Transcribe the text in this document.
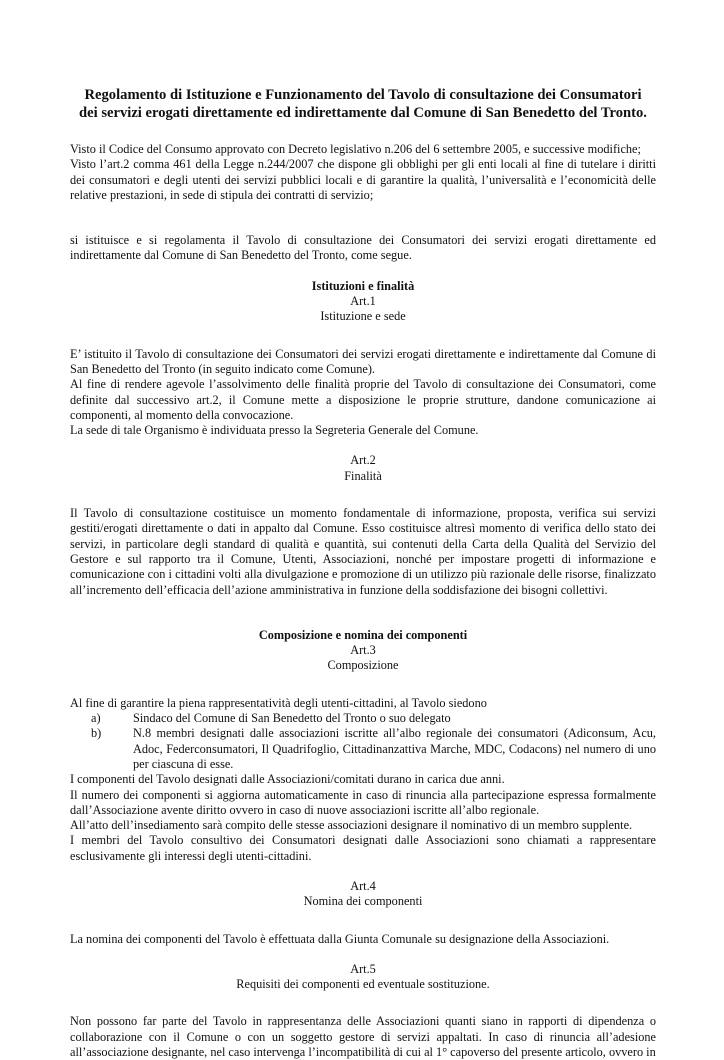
Regolamento di Istituzione e Funzionamento del Tavolo di consultazione dei Consumatori
dei servizi erogati direttamente ed indirettamente dal Comune di San Benedetto del Tronto.

Visto il Codice del Consumo approvato con Decreto legislativo n.206 del 6 settembre 2005, e successive modifiche;

Visto l’art.2 comma 461 della Legge n.244/2007 che dispone gli obblighi per gli enti locali al fine di tutelare i diritti dei consumatori e degli utenti dei servizi pubblici locali e di garantire la qualità, l’universalità e l’economicità delle relative prestazioni, in sede di stipula dei contratti di servizio;

si istituisce e si regolamenta il Tavolo di consultazione dei Consumatori dei servizi erogati direttamente ed indirettamente dal Comune di San Benedetto del Tronto, come segue.

Istituzioni e finalità

Art.1

Istituzione e sede

E’ istituito il Tavolo di consultazione dei Consumatori dei servizi erogati direttamente e indirettamente dal Comune di San Benedetto del Tronto (in seguito indicato come Comune).

Al fine di rendere agevole l’assolvimento delle finalità proprie del Tavolo di consultazione dei Consumatori, come definite dal successivo art.2, il Comune mette a disposizione le proprie strutture, dandone comunicazione ai componenti, al momento della convocazione.

La sede di tale Organismo è individuata presso la Segreteria Generale del Comune.

Art.2

Finalità

Il Tavolo di consultazione costituisce un momento fondamentale di informazione, proposta, verifica sui servizi gestiti/erogati direttamente o dati in appalto dal Comune. Esso costituisce altresì momento di verifica dello stato dei servizi, in particolare degli standard di qualità e quantità, sui contenuti della Carta della Qualità del Servizio del Gestore e sul rapporto tra il Comune, Utenti, Associazioni, nonché per impostare progetti di informazione e comunicazione con i cittadini volti alla divulgazione e promozione di un utilizzo più razionale delle risorse, finalizzato all’incremento dell’efficacia dell’azione amministrativa in funzione della soddisfazione dei bisogni collettivi.

Composizione e nomina dei componenti

Art.3

Composizione

Al fine di garantire la piena rappresentatività degli utenti-cittadini, al Tavolo siedono

a)	Sindaco del Comune di San Benedetto del Tronto o suo delegato
b)	N.8 membri designati dalle associazioni iscritte all’albo regionale dei consumatori (Adiconsum, Acu, Adoc, Federconsumatori, Il Quadrifoglio, Cittadinanzattiva Marche, MDC, Codacons) nel numero di uno per ciascuna di esse.

I componenti del Tavolo designati dalle Associazioni/comitati durano in carica due anni.

Il numero dei componenti si aggiorna automaticamente in caso di rinuncia alla partecipazione espressa formalmente dall’Associazione avente diritto ovvero in caso di nuove associazioni iscritte all’albo regionale.

All’atto dell’insediamento sarà compito delle stesse associazioni designare il nominativo di un membro supplente.

I membri del Tavolo consultivo dei Consumatori designati dalle Associazioni sono chiamati a rappresentare esclusivamente gli interessi degli utenti-cittadini.

Art.4

Nomina dei componenti

La nomina dei componenti del Tavolo è effettuata dalla Giunta Comunale su designazione della Associazioni.

Art.5

Requisiti dei componenti ed eventuale sostituzione.

Non possono far parte del Tavolo in rappresentanza delle Associazioni quanti siano in rapporti di dipendenza o collaborazione con il Comune o con un soggetto gestore di servizi appaltati. In caso di rinuncia all’adesione all’associazione designante, nel caso intervenga l’incompatibilità di cui al 1° capoverso del presente articolo, ovvero in
